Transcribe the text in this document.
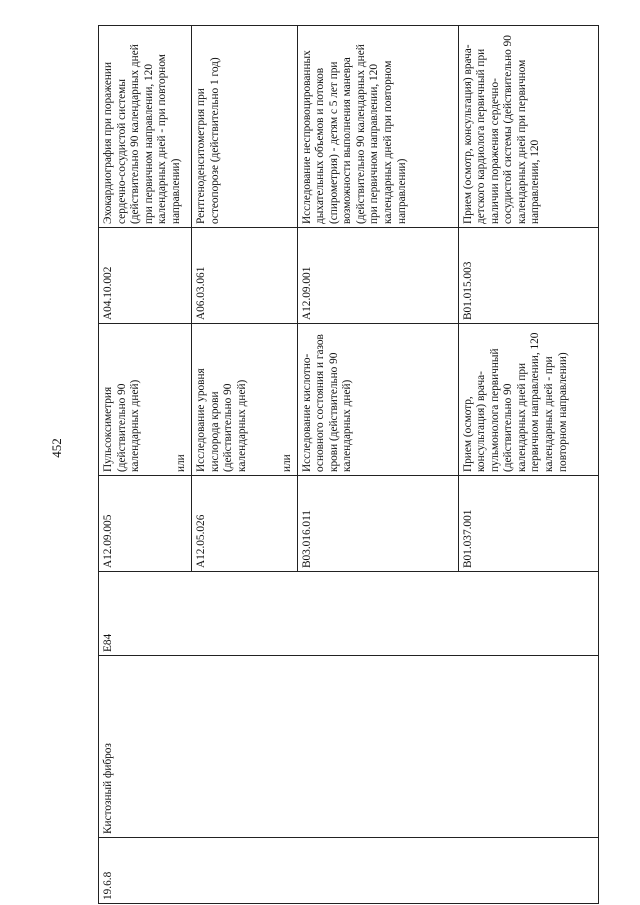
452
19.6.8	Кистозный фиброз	E84	A12.09.005	Пульсоксиметрия (действительно 90 календарных дней) или	A04.10.002	Эхокардиография при поражении сердечно-сосудистой системы (действительно 90 календарных дней при первичном направлении, 120 календарных дней - при повторном направлении)
			A12.05.026	Исследование уровня кислорода крови (действительно 90 календарных дней) или	A06.03.061	Рентгеноденситометрия при остеопорозе (действительно 1 год)
			B03.016.011	Исследование кислотно-основного состояния и газов крови (действительно 90 календарных дней)	A12.09.001	Исследование неспровоцированных дыхательных объемов и потоков (спирометрия) - детям с 5 лет при возможности выполнения маневра (действительно 90 календарных дней при первичном направлении, 120 календарных дней при повторном направлении)
			B01.037.001	Прием (осмотр, консультация) врача-пульмонолога первичный (действительно 90 календарных дней при первичном направлении, 120 календарных дней - при повторном направлении)	B01.015.003	Прием (осмотр, консультация) врача-детского кардиолога первичный при наличии поражения сердечно-сосудистой системы (действительно 90 календарных дней при первичном направлении, 120
